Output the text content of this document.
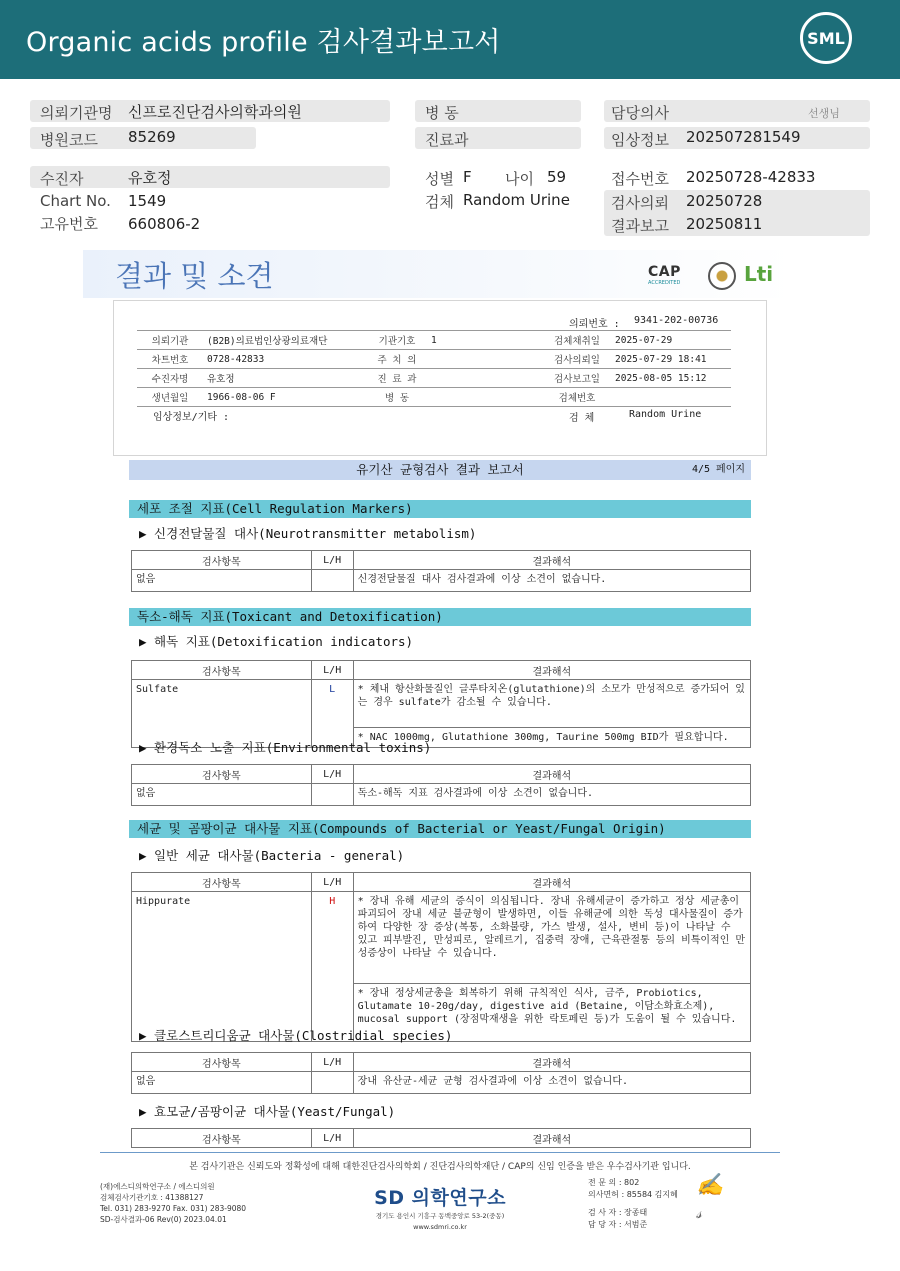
Organic acids profile 검사결과보고서	SML
의뢰기관명 신프로진단검사의학과의원
병원코드 85269
병 동
진료과
담당의사	선생님
임상정보 202507281549
수진자	유호정
Chart No. 1549
고유번호 660806-2
성별 F 나이 59
검체 Random Urine
접수번호 20250728-42833
검사의뢰 20250728
결과보고 20250811
결과 및 소견	CAP
ACCREDITED	Lti
의뢰번호 : 9341-202-00736
의뢰기관	(B2B)의료법인상광의료재단	기관기호	1	검체채취일	2025-07-29
차트번호	0728-42833	주 치 의		검사의뢰일	2025-07-29 18:41
수진자명	유호정	진 료 과		검사보고일	2025-08-05 15:12
생년월일	1966-08-06 F	병 동		검체번호	
임상정보/기타 :	검 체	Random Urine
유기산 균형검사 결과 보고서	4/5 페이지
세포 조절 지표(Cell Regulation Markers)
▶ 신경전달물질 대사(Neurotransmitter metabolism)
검사항목	L/H	결과해석
없음		신경전달물질 대사 검사결과에 이상 소견이 없습니다.
독소-해독 지표(Toxicant and Detoxification)
▶ 해독 지표(Detoxification indicators)
검사항목	L/H	결과해석
Sulfate	L	* 체내 항산화물질인 글루타치온(glutathione)의 소모가 만성적으로 증가되어 있는 경우 sulfate가 감소될 수 있습니다.
		* NAC 1000mg, Glutathione 300mg, Taurine 500mg BID가 필요합니다.
▶ 환경독소 노출 지표(Environmental toxins)
검사항목	L/H	결과해석
없음		독소-해독 지표 검사결과에 이상 소견이 없습니다.
세균 및 곰팡이균 대사물 지표(Compounds of Bacterial or Yeast/Fungal Origin)
▶ 일반 세균 대사물(Bacteria - general)
검사항목	L/H	결과해석
Hippurate	H	* 장내 유해 세균의 증식이 의심됩니다. 장내 유해세균이 증가하고 정상 세균총이 파괴되어 장내 세균 불균형이 발생하면, 이들 유해균에 의한 독성 대사물질이 증가하여 다양한 장 증상(복통, 소화불량, 가스 발생, 설사, 변비 등)이 나타날 수 있고 피부발진, 만성피로, 알레르기, 집중력 장애, 근육관절통 등의 비특이적인 만성증상이 나타날 수 있습니다.
		* 장내 정상세균총을 회복하기 위해 규칙적인 식사, 금주, Probiotics, Glutamate 10-20g/day, digestive aid (Betaine, 이담소화효소제), mucosal support (장점막재생을 위한 락토페린 등)가 도움이 될 수 있습니다.
▶ 클로스트리디움균 대사물(Clostridial species)
검사항목	L/H	결과해석
없음		장내 유산균-세균 균형 검사결과에 이상 소견이 없습니다.
▶ 효모균/곰팡이균 대사물(Yeast/Fungal)
검사항목	L/H	결과해석
본 검사기관은 신뢰도와 정확성에 대해 대한진단검사의학회 / 진단검사의학재단 / CAP의 신임 인증을 받은 우수검사기관 입니다.
(재)에스디의학연구소 / 에스디의원
검체검사기관기호 : 41388127
Tel. 031) 283-9270 Fax. 031) 283-9080
SD-검사결과-06 Rev(0) 2023.04.01
SD 의학연구소
경기도 용인시 기흥구 동백중앙로 53-2(중동)
www.sdmri.co.kr
전 문 의 : 802
의사면허 : 85584 김지혜
검 사 자 : 장종태
담 당 자 : 서범준
✍
𝓈
